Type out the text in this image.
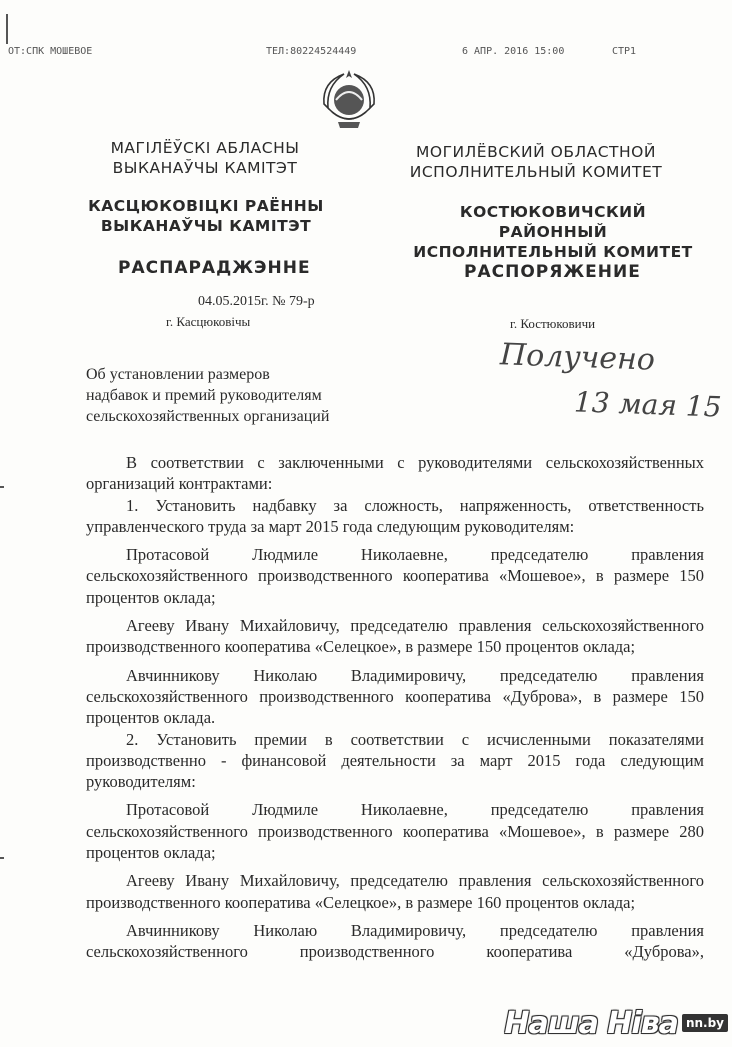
ОТ:СПК МОШЕВОЕ	ТЕЛ:80224524449	6 АПР. 2016 15:00	СТР1
МАГІЛЁЎСКІ АБЛАСНЫ
ВЫКАНАЎЧЫ КАМІТЭТ
КАСЦЮКОВІЦКІ РАЁННЫ
ВЫКАНАЎЧЫ КАМІТЭТ
РАСПАРАДЖЭННЕ
МОГИЛЁВСКИЙ ОБЛАСТНОЙ
ИСПОЛНИТЕЛЬНЫЙ КОМИТЕТ
КОСТЮКОВИЧСКИЙ РАЙОННЫЙ
ИСПОЛНИТЕЛЬНЫЙ КОМИТЕТ
РАСПОРЯЖЕНИЕ
04.05.2015г. № 79-р
г. Касцюковічы	г. Костюковичи
Получено
13 мая 15
Об установлении размеров
надбавок и премий руководителям
сельскохозяйственных организаций

В соответствии с заключенными с руководителями сельскохозяйственных организаций контрактами:

1. Установить надбавку за сложность, напряженность, ответственность управленческого труда за март 2015 года следующим руководителям:

Протасовой Людмиле Николаевне, председателю правления сельскохозяйственного производственного кооператива «Мошевое», в размере 150 процентов оклада;

Агееву Ивану Михайловичу, председателю правления сельскохозяйственного производственного кооператива «Селецкое», в размере 150 процентов оклада;

Авчинникову Николаю Владимировичу, председателю правления сельскохозяйственного производственного кооператива «Дуброва», в размере 150 процентов оклада.

2. Установить премии в соответствии с исчисленными показателями производственно - финансовой деятельности за март 2015 года следующим руководителям:

Протасовой Людмиле Николаевне, председателю правления сельскохозяйственного производственного кооператива «Мошевое», в размере 280 процентов оклада;

Агееву Ивану Михайловичу, председателю правления сельскохозяйственного производственного кооператива «Селецкое», в размере 160 процентов оклада;

Авчинникову Николаю Владимировичу, председателю правления сельскохозяйственного производственного кооператива «Дуброва»,

Наша Ніва nn.by
